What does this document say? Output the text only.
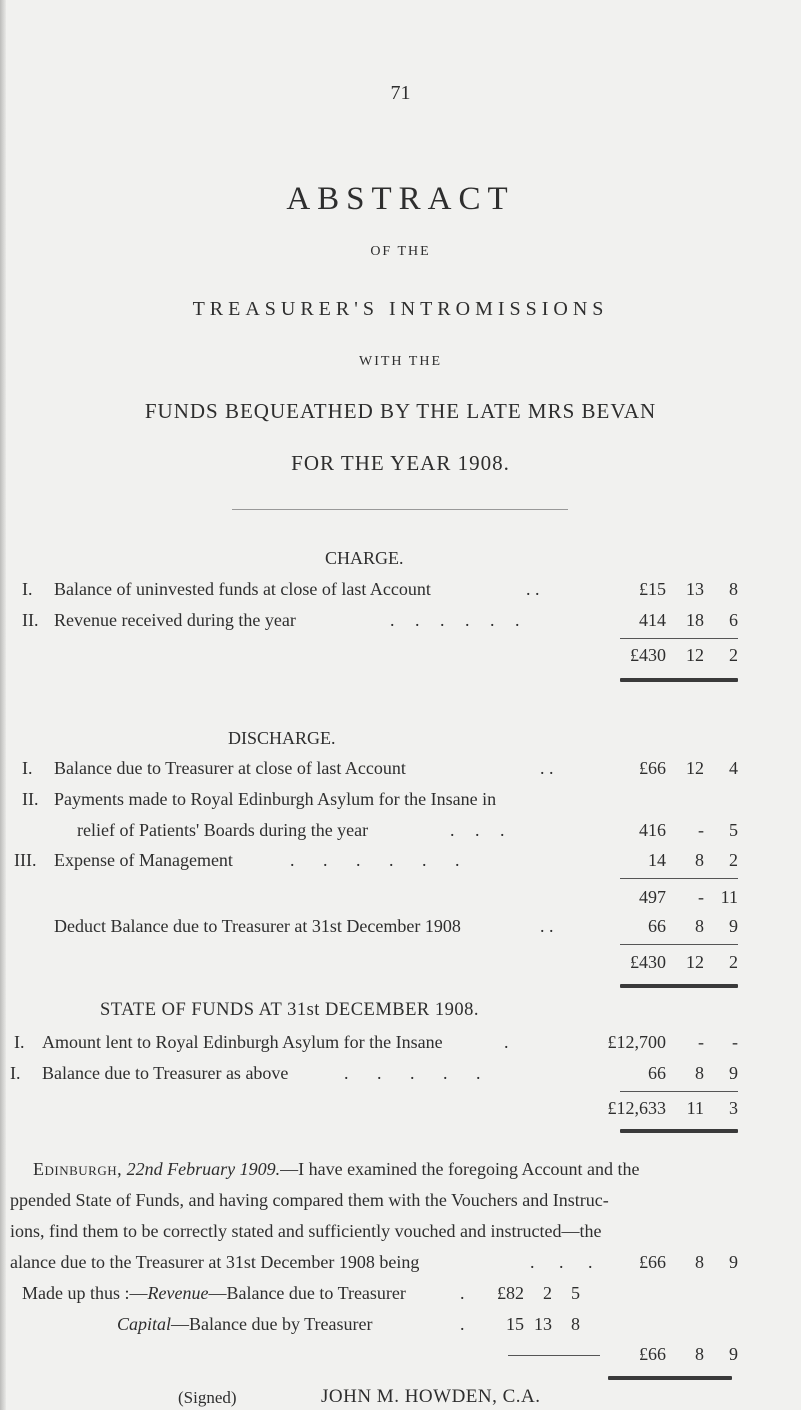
71
ABSTRACT
OF THE
TREASURER'S INTROMISSIONS
WITH THE
FUNDS BEQUEATHED BY THE LATE MRS BEVAN
FOR THE YEAR 1908.
CHARGE.
I. Balance of uninvested funds at close of last Account	. .	£15	13	8
II. Revenue received during the year	. . . . . .	414	18	6
£430	12	2
DISCHARGE.
I. Balance due to Treasurer at close of last Account	. .	£66	12	4
II. Payments made to Royal Edinburgh Asylum for the Insane in
relief of Patients' Boards during the year	. . .	416	-	5
III. Expense of Management	. . . . . .	14	8	2
497	- 11
Deduct Balance due to Treasurer at 31st December 1908	. .	66	8	9
£430	12	2
STATE OF FUNDS AT 31st DECEMBER 1908.
I. Amount lent to Royal Edinburgh Asylum for the Insane	.	£12,700	-	-
I. Balance due to Treasurer as above	. . . . .	66	8	9
£12,633	11	3
Edinburgh, 22nd February 1909.—I have examined the foregoing Account and the
ppended State of Funds, and having compared them with the Vouchers and Instruc-
ions, find them to be correctly stated and sufficiently vouched and instructed—the
alance due to the Treasurer at 31st December 1908 being	. . .	£66	8	9
Made up thus :—Revenue—Balance due to Treasurer	.	£82	2	5
Capital—Balance due by Treasurer	.	15 13	8
£66	8	9
(Signed)	JOHN M. HOWDEN, C.A.
